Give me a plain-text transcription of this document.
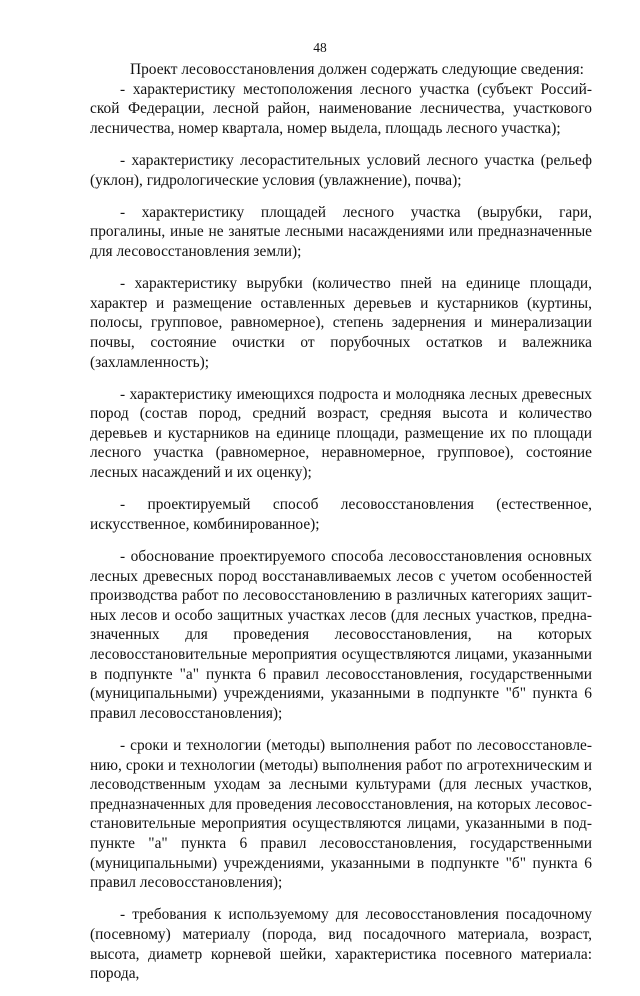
48

Проект лесовосстановления должен содержать следующие сведения:

- характеристику местоположения лесного участка (субъект Российской Федерации, лесной район, наименование лесничества, участкового лесничества, номер квартала, номер выдела, площадь лесного участка);

- характеристику лесорастительных условий лесного участка (рельеф (уклон), гидрологические условия (увлажнение), почва);

- характеристику площадей лесного участка (вырубки, гари, прогалины, иные не занятые лесными насаждениями или предназначенные для лесовосстановления земли);

- характеристику вырубки (количество пней на единице площади, характер и размещение оставленных деревьев и кустарников (куртины, полосы, групповое, равномерное), степень задернения и минерализации почвы, состояние очистки от порубочных остатков и валежника (захламленность);

- характеристику имеющихся подроста и молодняка лесных древесных пород (состав пород, средний возраст, средняя высота и количество деревьев и кустарников на единице площади, размещение их по площади лесного участка (равномерное, неравномерное, групповое), состояние лесных насаждений и их оценку);

- проектируемый способ лесовосстановления (естественное, искусственное, комбинированное);

- обоснование проектируемого способа лесовосстановления основных лесных древесных пород восстанавливаемых лесов с учетом особенностей производства работ по лесовосстановлению в различных категориях защитных лесов и особо защитных участках лесов (для лесных участков, предназначенных для проведения лесовосстановления, на которых лесовосстановительные мероприятия осуществляются лицами, указанными в подпункте "а" пункта 6 правил лесовосстановления, государственными (муниципальными) учреждениями, указанными в подпункте "б" пункта 6 правил лесовосстановления);

- сроки и технологии (методы) выполнения работ по лесовосстановлению, сроки и технологии (методы) выполнения работ по агротехническим и лесоводственным уходам за лесными культурами (для лесных участков, предназначенных для проведения лесовосстановления, на которых лесовосстановительные мероприятия осуществляются лицами, указанными в подпункте "а" пункта 6 правил лесовосстановления, государственными (муниципальными) учреждениями, указанными в подпункте "б" пункта 6 правил лесовосстановления);

- требования к используемому для лесовосстановления посадочному (посевному) материалу (порода, вид посадочного материала, возраст, высота, диаметр корневой шейки, характеристика посевного материала: порода,
